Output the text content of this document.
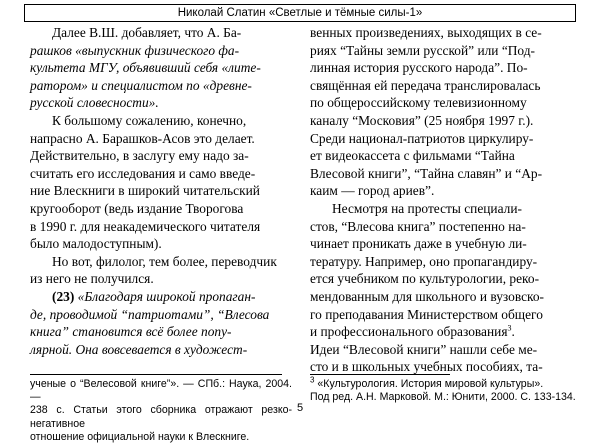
Николай Слатин «Светлые и тёмные силы-1»

Далее В.Ш. добавляет, что А. Ба-
рашков «выпускник физического фа-
культета МГУ, объявивший себя «лите-
ратором» и специалистом по «древне-
русской словесности».

К большому сожалению, конечно,
напрасно А. Барашков-Асов это делает.
Действительно, в заслугу ему надо за-
считать его исследования и само введе-
ние Влескниги в широкий читательский
кругооборот (ведь издание Творогова
в 1990 г. для неакадемического читателя
было малодоступным).

Но вот, филолог, тем более, переводчик
из него не получился.

(23) «Благодаря широкой пропаган-
де, проводимой “патриотами”, “Влесова
книга” становится всё более попу-
лярной. Она вовсевается в художест-

венных произведениях, выходящих в се-
риях “Тайны земли русской” или “Под-
линная история русского народа”. По-
свящённая ей передача транслировалась
по общероссийскому телевизионному
каналу “Московия” (25 ноября 1997 г.).
Среди национал-патриотов циркулиру-
ет видеокассета с фильмами “Тайна
Влесовой книги”, “Тайна славян” и “Ар-
каим — город ариев”.

Несмотря на протесты специали-
стов, “Влесова книга” постепенно на-
чинает проникать даже в учебную ли-
тературу. Например, оно пропагандиру-
ется учебником по культурологии, реко-
мендованным для школьного и вузовско-
го преподавания Министерством общего
и профессионального образования$^3$.
Идеи “Влесовой книги” нашли себе ме-
сто и в школьных учебных пособиях, та-

ученые о “Велесовой книге”». — СПб.: Наука, 2004. —
238 с. Статьи этого сборника отражают резко-негативное
отношение официальной науки к Влескниге.
$^3$ «Культурология. История мировой культуры».
Под ред. А.Н. Марковой. М.: Юнити, 2000. С. 133-134.
5
